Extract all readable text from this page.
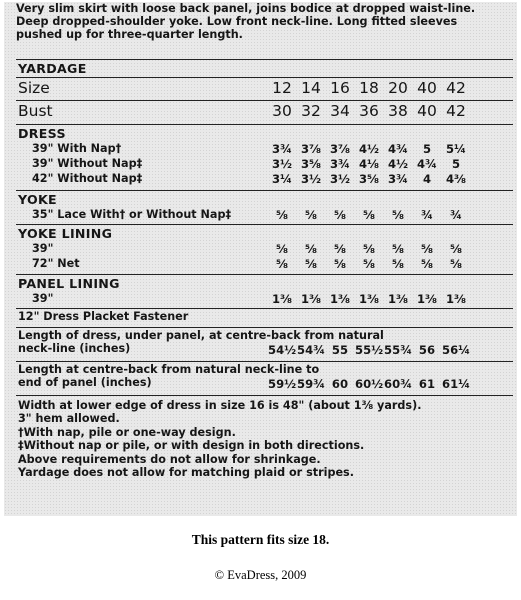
Very slim skirt with loose back panel, joins bodice at dropped waist-line.
Deep dropped-shoulder yoke. Low front neck-line. Long fitted sleeves
pushed up for three-quarter length.
YARDAGE
Size	12 14 16 18 20 40 42
Bust	30 32 34 36 38 40 42
DRESS
39" With Nap†	3¾ 3⅞ 3⅞ 4½ 4¾	5	5¼
39" Without Nap‡	3½ 3⅝ 3¾ 4⅛ 4½ 4¾	5
42" Without Nap‡	3¼ 3½ 3½ 3⅝ 3¾	4	4⅜
YOKE
35" Lace With† or Without Nap‡	⅝	⅝	⅝	⅝	⅝	¾	¾
YOKE LINING
39"	⅝	⅝	⅝	⅝	⅝	⅝	⅝
72" Net	⅝	⅝	⅝	⅝	⅝	⅝	⅝
PANEL LINING
39"	1⅜ 1⅜ 1⅜ 1⅜ 1⅜ 1⅜ 1⅜
12" Dress Placket Fastener
Length of dress, under panel, at centre-back from natural
neck-line (inches)	54½ 54¾ 55 55½ 55¾ 56 56¼
Length at centre-back from natural neck-line to
end of panel (inches)	59½ 59¾ 60 60½ 60¾ 61 61¼
Width at lower edge of dress in size 16 is 48" (about 1⅜ yards).
3" hem allowed.
†With nap, pile or one-way design.
‡Without nap or pile, or with design in both directions.
Above requirements do not allow for shrinkage.
Yardage does not allow for matching plaid or stripes.
This pattern fits size 18.
© EvaDress, 2009
